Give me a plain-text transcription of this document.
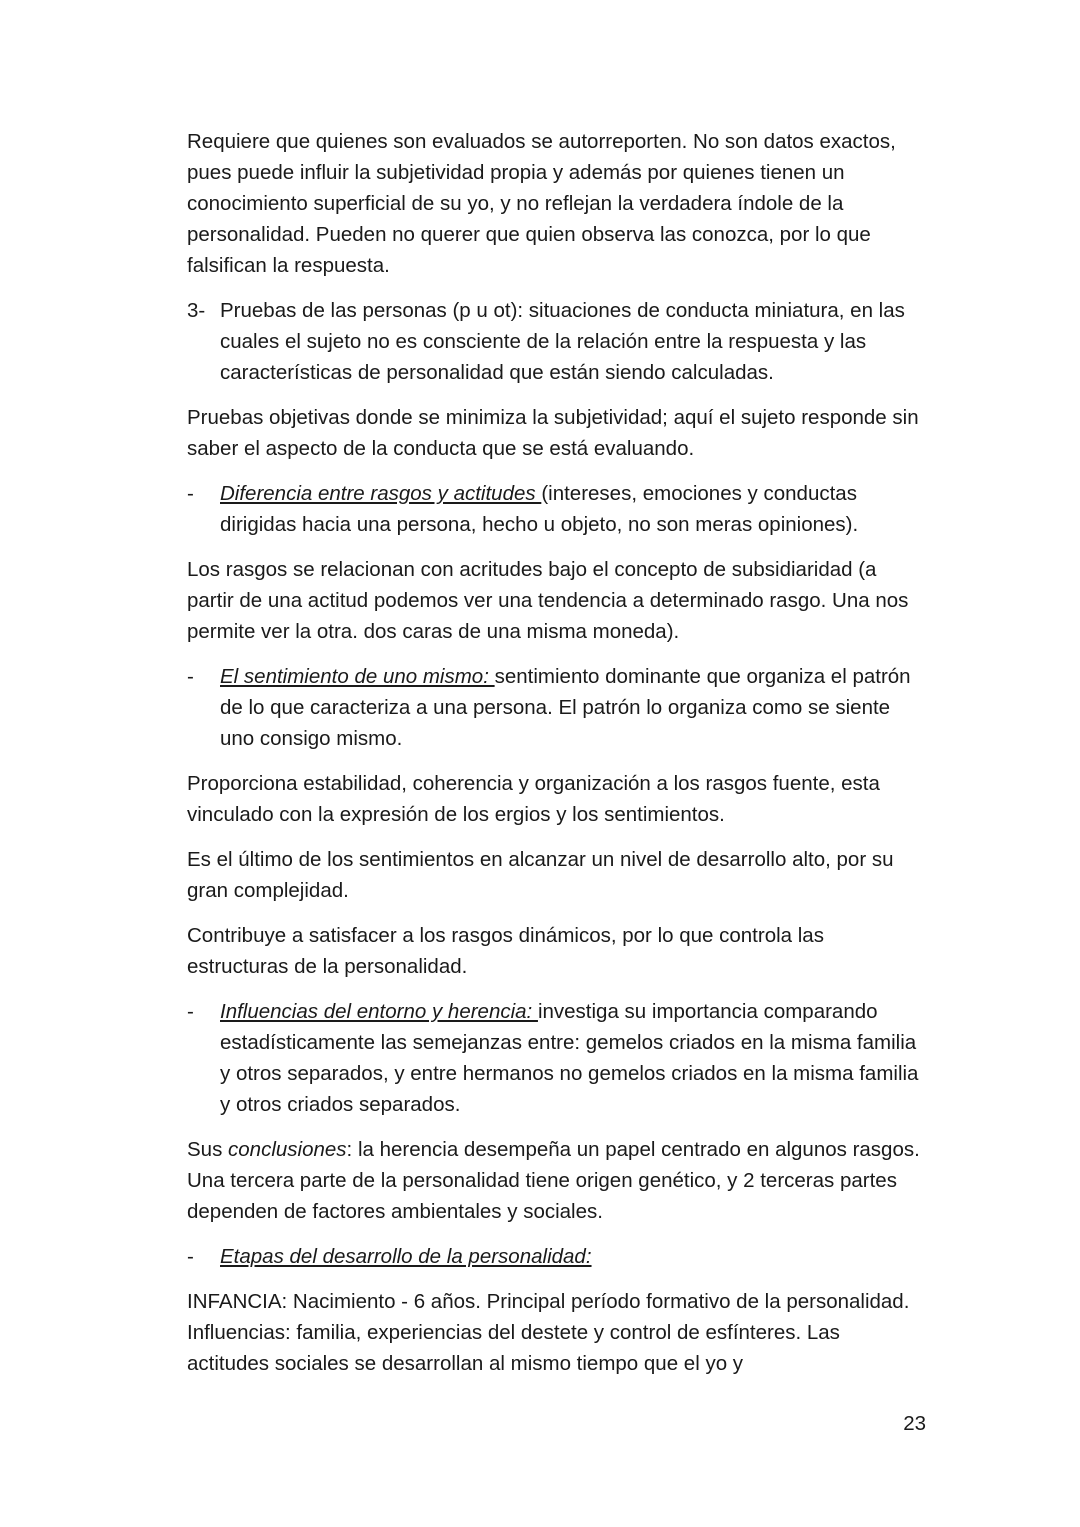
Requiere que quienes son evaluados se autorreporten. No son datos exactos, pues puede influir la subjetividad propia y además por quienes tienen un conocimiento superficial de su yo, y no reflejan la verdadera índole de la personalidad. Pueden no querer que quien observa las conozca, por lo que falsifican la respuesta.

3- Pruebas de las personas (p u ot): situaciones de conducta miniatura, en las cuales el sujeto no es consciente de la relación entre la respuesta y las características de personalidad que están siendo calculadas.

Pruebas objetivas donde se minimiza la subjetividad; aquí el sujeto responde sin saber el aspecto de la conducta que se está evaluando.

-	Diferencia entre rasgos y actitudes (intereses, emociones y conductas dirigidas hacia una persona, hecho u objeto, no son meras opiniones).

Los rasgos se relacionan con acritudes bajo el concepto de subsidiaridad (a partir de una actitud podemos ver una tendencia a determinado rasgo. Una nos permite ver la otra. dos caras de una misma moneda).

-	El sentimiento de uno mismo: sentimiento dominante que organiza el patrón de lo que caracteriza a una persona. El patrón lo organiza como se siente uno consigo mismo.

Proporciona estabilidad, coherencia y organización a los rasgos fuente, esta vinculado con la expresión de los ergios y los sentimientos.

Es el último de los sentimientos en alcanzar un nivel de desarrollo alto, por su gran complejidad.

Contribuye a satisfacer a los rasgos dinámicos, por lo que controla las estructuras de la personalidad.

-	Influencias del entorno y herencia: investiga su importancia comparando estadísticamente las semejanzas entre: gemelos criados en la misma familia y otros separados, y entre hermanos no gemelos criados en la misma familia y otros criados separados.

Sus conclusiones: la herencia desempeña un papel centrado en algunos rasgos. Una tercera parte de la personalidad tiene origen genético, y 2 terceras partes dependen de factores ambientales y sociales.

-	Etapas del desarrollo de la personalidad:

INFANCIA: Nacimiento - 6 años. Principal período formativo de la personalidad. Influencias: familia, experiencias del destete y control de esfínteres. Las actitudes sociales se desarrollan al mismo tiempo que el yo y

23
